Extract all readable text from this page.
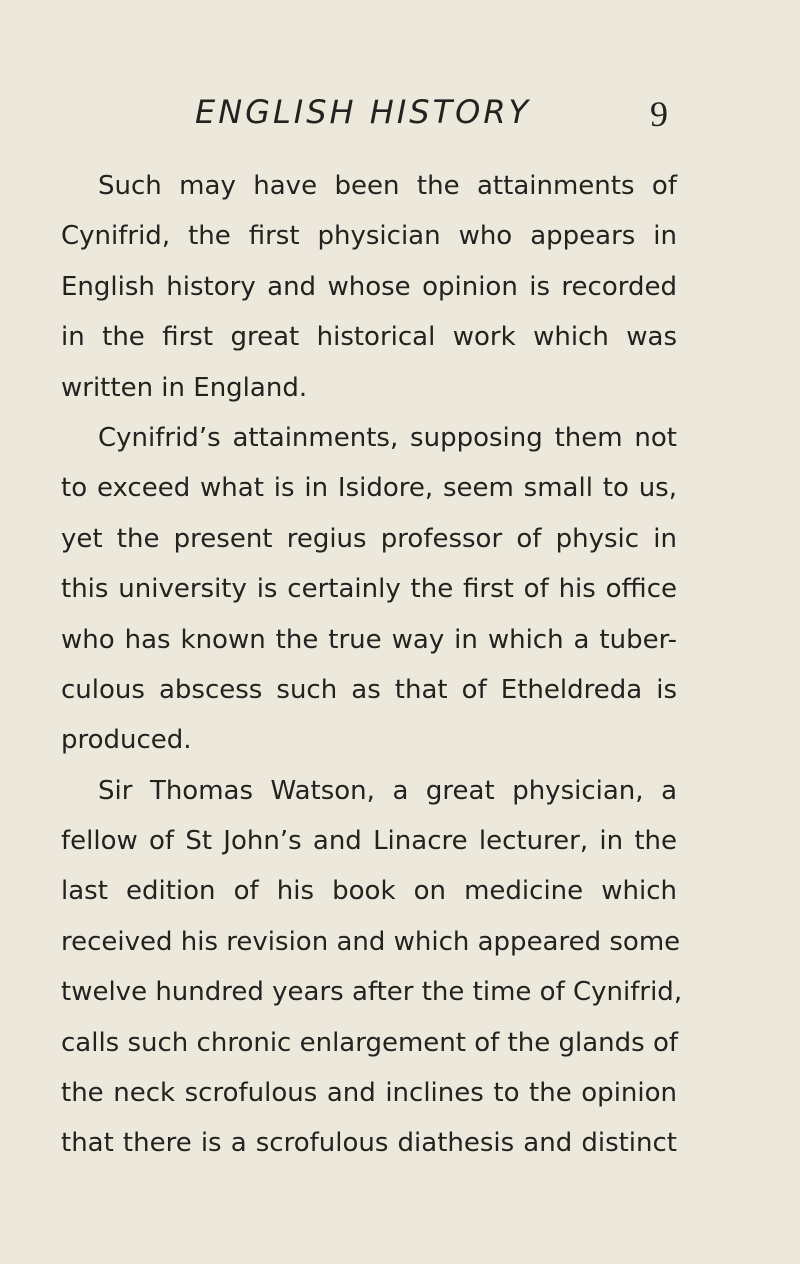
ENGLISH HISTORY	9
Such may have been the attainments of
Cynifrid, the first physician who appears in
English history and whose opinion is recorded
in the first great historical work which was
written in England.
Cynifrid’s attainments, supposing them not
to exceed what is in Isidore, seem small to us,
yet the present regius professor of physic in
this university is certainly the first of his office
who has known the true way in which a tuber-
culous abscess such as that of Etheldreda is
produced.
Sir Thomas Watson, a great physician, a
fellow of St John’s and Linacre lecturer, in the
last edition of his book on medicine which
received his revision and which appeared some
twelve hundred years after the time of Cynifrid,
calls such chronic enlargement of the glands of
the neck scrofulous and inclines to the opinion
that there is a scrofulous diathesis and distinct
